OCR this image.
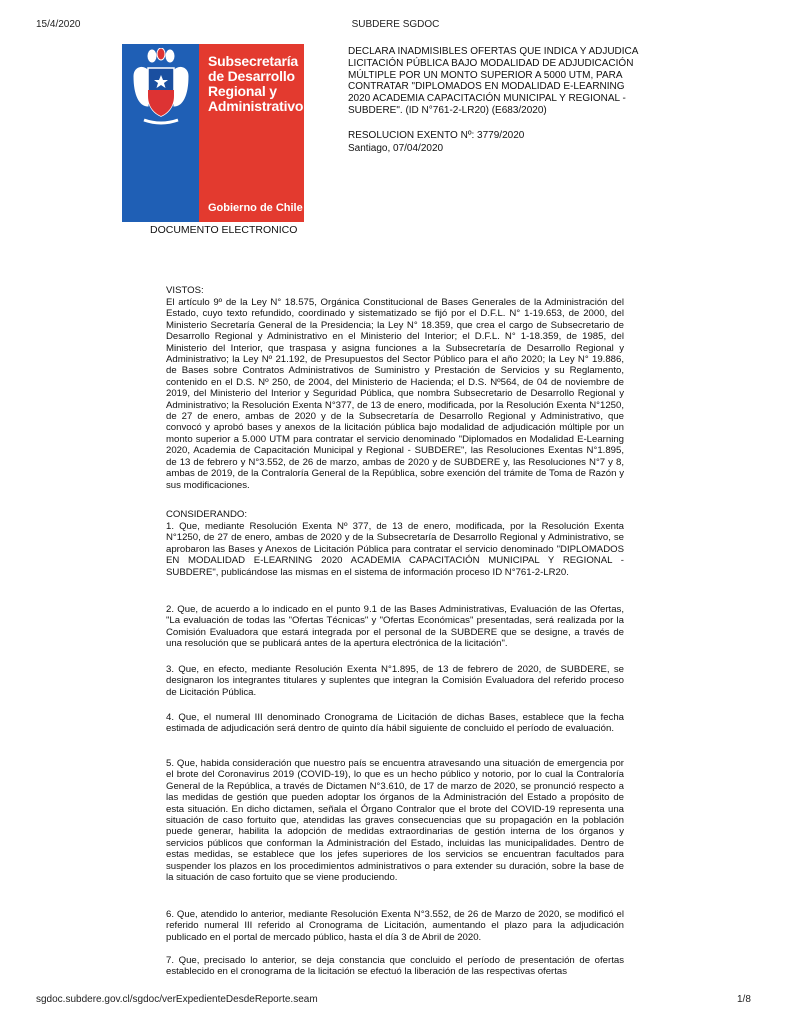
15/4/2020	SUBDERE SGDOC
Subsecretaría
de Desarrollo
Regional y
Administrativo
Gobierno de Chile
DOCUMENTO ELECTRONICO
DECLARA INADMISIBLES OFERTAS QUE INDICA Y ADJUDICA LICITACIÓN PÚBLICA BAJO MODALIDAD DE ADJUDICACIÓN MÚLTIPLE POR UN MONTO SUPERIOR A 5000 UTM, PARA CONTRATAR "DIPLOMADOS EN MODALIDAD E-LEARNING 2020 ACADEMIA CAPACITACIÓN MUNICIPAL Y REGIONAL - SUBDERE". (ID N°761-2-LR20) (E683/2020)
RESOLUCION EXENTO Nº: 3779/2020
Santiago, 07/04/2020
VISTOS:
El artículo 9º de la Ley N° 18.575, Orgánica Constitucional de Bases Generales de la Administración del Estado, cuyo texto refundido, coordinado y sistematizado se fijó por el D.F.L. N° 1-19.653, de 2000, del Ministerio Secretaría General de la Presidencia; la Ley N° 18.359, que crea el cargo de Subsecretario de Desarrollo Regional y Administrativo en el Ministerio del Interior; el D.F.L. N° 1-18.359, de 1985, del Ministerio del Interior, que traspasa y asigna funciones a la Subsecretaría de Desarrollo Regional y Administrativo; la Ley Nº 21.192, de Presupuestos del Sector Público para el año 2020; la Ley N° 19.886, de Bases sobre Contratos Administrativos de Suministro y Prestación de Servicios y su Reglamento, contenido en el D.S. Nº 250, de 2004, del Ministerio de Hacienda; el D.S. Nº564, de 04 de noviembre de 2019, del Ministerio del Interior y Seguridad Pública, que nombra Subsecretario de Desarrollo Regional y Administrativo; la Resolución Exenta N°377, de 13 de enero, modificada, por la Resolución Exenta N°1250, de 27 de enero, ambas de 2020 y de la Subsecretaría de Desarrollo Regional y Administrativo, que convocó y aprobó bases y anexos de la licitación pública bajo modalidad de adjudicación múltiple por un monto superior a 5.000 UTM para contratar el servicio denominado "Diplomados en Modalidad E-Learning 2020, Academia de Capacitación Municipal y Regional - SUBDERE", las Resoluciones Exentas N°1.895, de 13 de febrero y N°3.552, de 26 de marzo, ambas de 2020 y de SUBDERE y, las Resoluciones N°7 y 8, ambas de 2019, de la Contraloría General de la República, sobre exención del trámite de Toma de Razón y sus modificaciones.
CONSIDERANDO:
1. Que, mediante Resolución Exenta Nº 377, de 13 de enero, modificada, por la Resolución Exenta N°1250, de 27 de enero, ambas de 2020 y de la Subsecretaría de Desarrollo Regional y Administrativo, se aprobaron las Bases y Anexos de Licitación Pública para contratar el servicio denominado "DIPLOMADOS EN MODALIDAD E-LEARNING 2020 ACADEMIA CAPACITACIÓN MUNICIPAL Y REGIONAL - SUBDERE", publicándose las mismas en el sistema de información proceso ID N°761-2-LR20.
2. Que, de acuerdo a lo indicado en el punto 9.1 de las Bases Administrativas, Evaluación de las Ofertas, "La evaluación de todas las "Ofertas Técnicas" y "Ofertas Económicas" presentadas, será realizada por la Comisión Evaluadora que estará integrada por el personal de la SUBDERE que se designe, a través de una resolución que se publicará antes de la apertura electrónica de la licitación".
3. Que, en efecto, mediante Resolución Exenta N°1.895, de 13 de febrero de 2020, de SUBDERE, se designaron los integrantes titulares y suplentes que integran la Comisión Evaluadora del referido proceso de Licitación Pública.
4. Que, el numeral III denominado Cronograma de Licitación de dichas Bases, establece que la fecha estimada de adjudicación será dentro de quinto día hábil siguiente de concluido el período de evaluación.
5. Que, habida consideración que nuestro país se encuentra atravesando una situación de emergencia por el brote del Coronavirus 2019 (COVID-19), lo que es un hecho público y notorio, por lo cual la Contraloría General de la República, a través de Dictamen N°3.610, de 17 de marzo de 2020, se pronunció respecto a las medidas de gestión que pueden adoptar los órganos de la Administración del Estado a propósito de esta situación. En dicho dictamen, señala el Órgano Contralor que el brote del COVID-19 representa una situación de caso fortuito que, atendidas las graves consecuencias que su propagación en la población puede generar, habilita la adopción de medidas extraordinarias de gestión interna de los órganos y servicios públicos que conforman la Administración del Estado, incluidas las municipalidades. Dentro de estas medidas, se establece que los jefes superiores de los servicios se encuentran facultados para suspender los plazos en los procedimientos administrativos o para extender su duración, sobre la base de la situación de caso fortuito que se viene produciendo.
6. Que, atendido lo anterior, mediante Resolución Exenta N°3.552, de 26 de Marzo de 2020, se modificó el referido numeral III referido al Cronograma de Licitación, aumentando el plazo para la adjudicación publicado en el portal de mercado público, hasta el día 3 de Abril de 2020.
7. Que, precisado lo anterior, se deja constancia que concluido el período de presentación de ofertas establecido en el cronograma de la licitación se efectuó la liberación de las respectivas ofertas
sgdoc.subdere.gov.cl/sgdoc/verExpedienteDesdeReporte.seam	1/8
